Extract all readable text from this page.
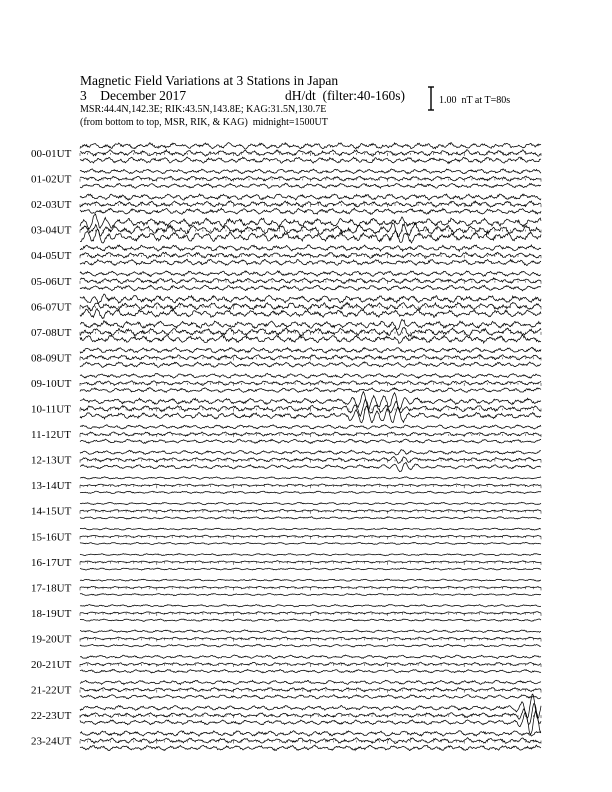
Magnetic Field Variations at 3 Stations in Japan
3    December 2017	dH/dt  (filter:40-160s)
MSR:44.4N,142.3E; RIK:43.5N,143.8E; KAG:31.5N,130.7E
(from bottom to top, MSR, RIK, & KAG)  midnight=1500UT
1.00  nT at T=80s
00-01UT
01-02UT
02-03UT
03-04UT
04-05UT
05-06UT
06-07UT
07-08UT
08-09UT
09-10UT
10-11UT
11-12UT
12-13UT
13-14UT
14-15UT
15-16UT
16-17UT
17-18UT
18-19UT
19-20UT
20-21UT
21-22UT
22-23UT
23-24UT
